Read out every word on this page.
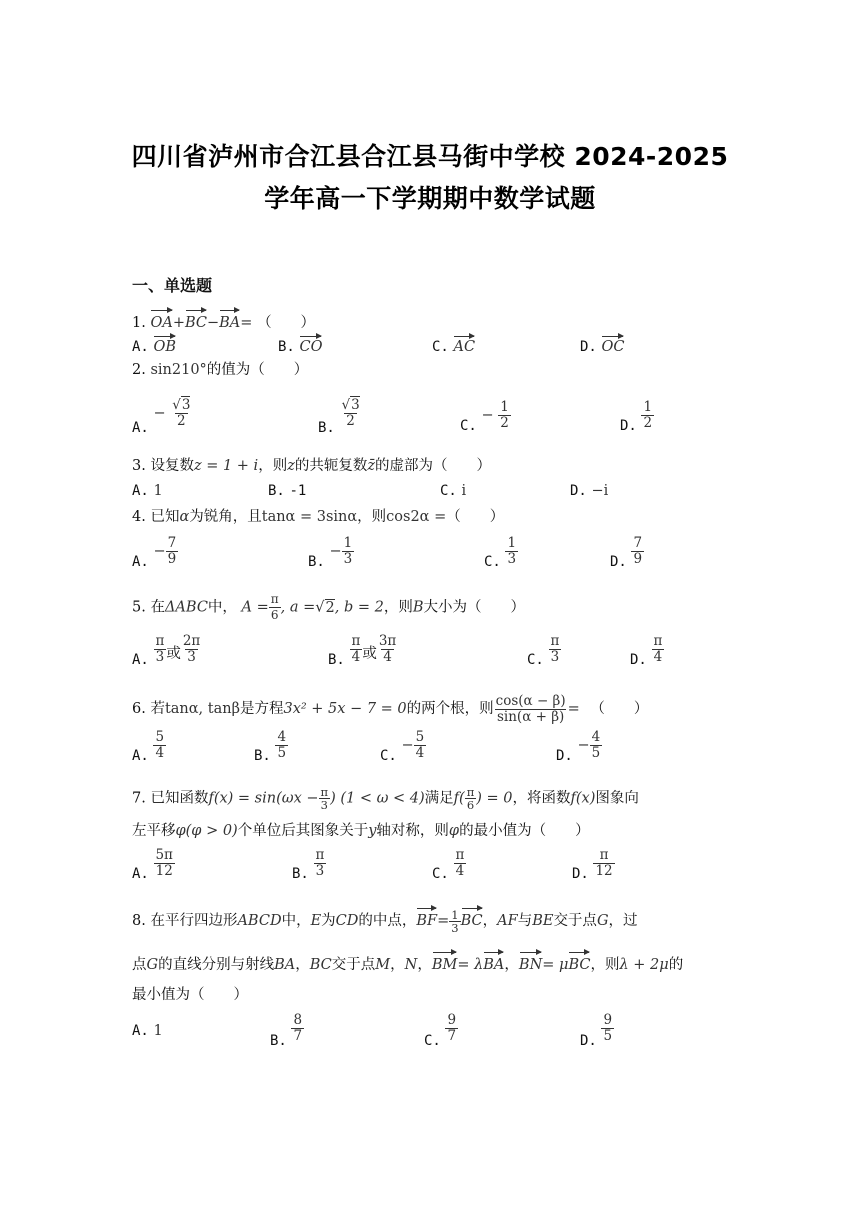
四川省泸州市合江县合江县马街中学校 2024-2025
学年高一下学期期中数学试题
一、单选题
1. OA+BC−BA= （　　）
A. OB	B. CO	C. AC	D. OC
2. sin210°的值为（　　）
A. − $\frac{√3}{2}$	B. $\frac{√3}{2}$	C. − $\frac{1}{2}$	D. $\frac{1}{2}$
3. 设复数z = 1 + i，则z的共轭复数z̄的虚部为（　　）
A. 1	B. -1	C. i	D. −i
4. 已知α为锐角，且tanα = 3sinα，则cos2α =（　　）
A. − $\frac{7}{9}$	B. − $\frac{1}{3}$	C. $\frac{1}{3}$	D. $\frac{7}{9}$
5. 在ΔABC中， $A = \frac{\pi}{6}$ , a =√2, b = 2，则B大小为（　　）
A. $\frac{\pi}{3}$ 或 $\frac{2\pi}{3}$	B. $\frac{\pi}{4}$ 或 $\frac{3\pi}{4}$	C. $\frac{\pi}{3}$	D. $\frac{\pi}{4}$
6. 若tanα, tanβ是方程3x² + 5x − 7 = 0的两个根，则 $\frac{\cos(\alpha - \beta)}{\sin(\alpha + \beta)}$ = （　　）
A. $\frac{5}{4}$	B. $\frac{4}{5}$	C. − $\frac{5}{4}$	D. − $\frac{4}{5}$
7. 已知函数$f(x) = \sin(\omega x - \frac{\pi}{3}$ ) (1 < ω < 4)满足$f( \frac{\pi}{6}$ ) = 0，将函数f(x)图象向
左平移φ(φ > 0)个单位后其图象关于y轴对称，则φ的最小值为（　　）
A. $\frac{5\pi}{12}$	B. $\frac{\pi}{3}$	C. $\frac{\pi}{4}$	D. $\frac{\pi}{12}$
8. 在平行四边形ABCD中，E为CD的中点，$BF= \frac{1}{3}$ BC，AF与BE交于点G，过
点G的直线分别与射线BA，BC交于点M，N，BM= λBA，BN= μBC，则λ + 2μ的
最小值为（　　）
A. 1
B. $\frac{8}{7}$	C. $\frac{9}{7}$	D. $\frac{9}{5}$
